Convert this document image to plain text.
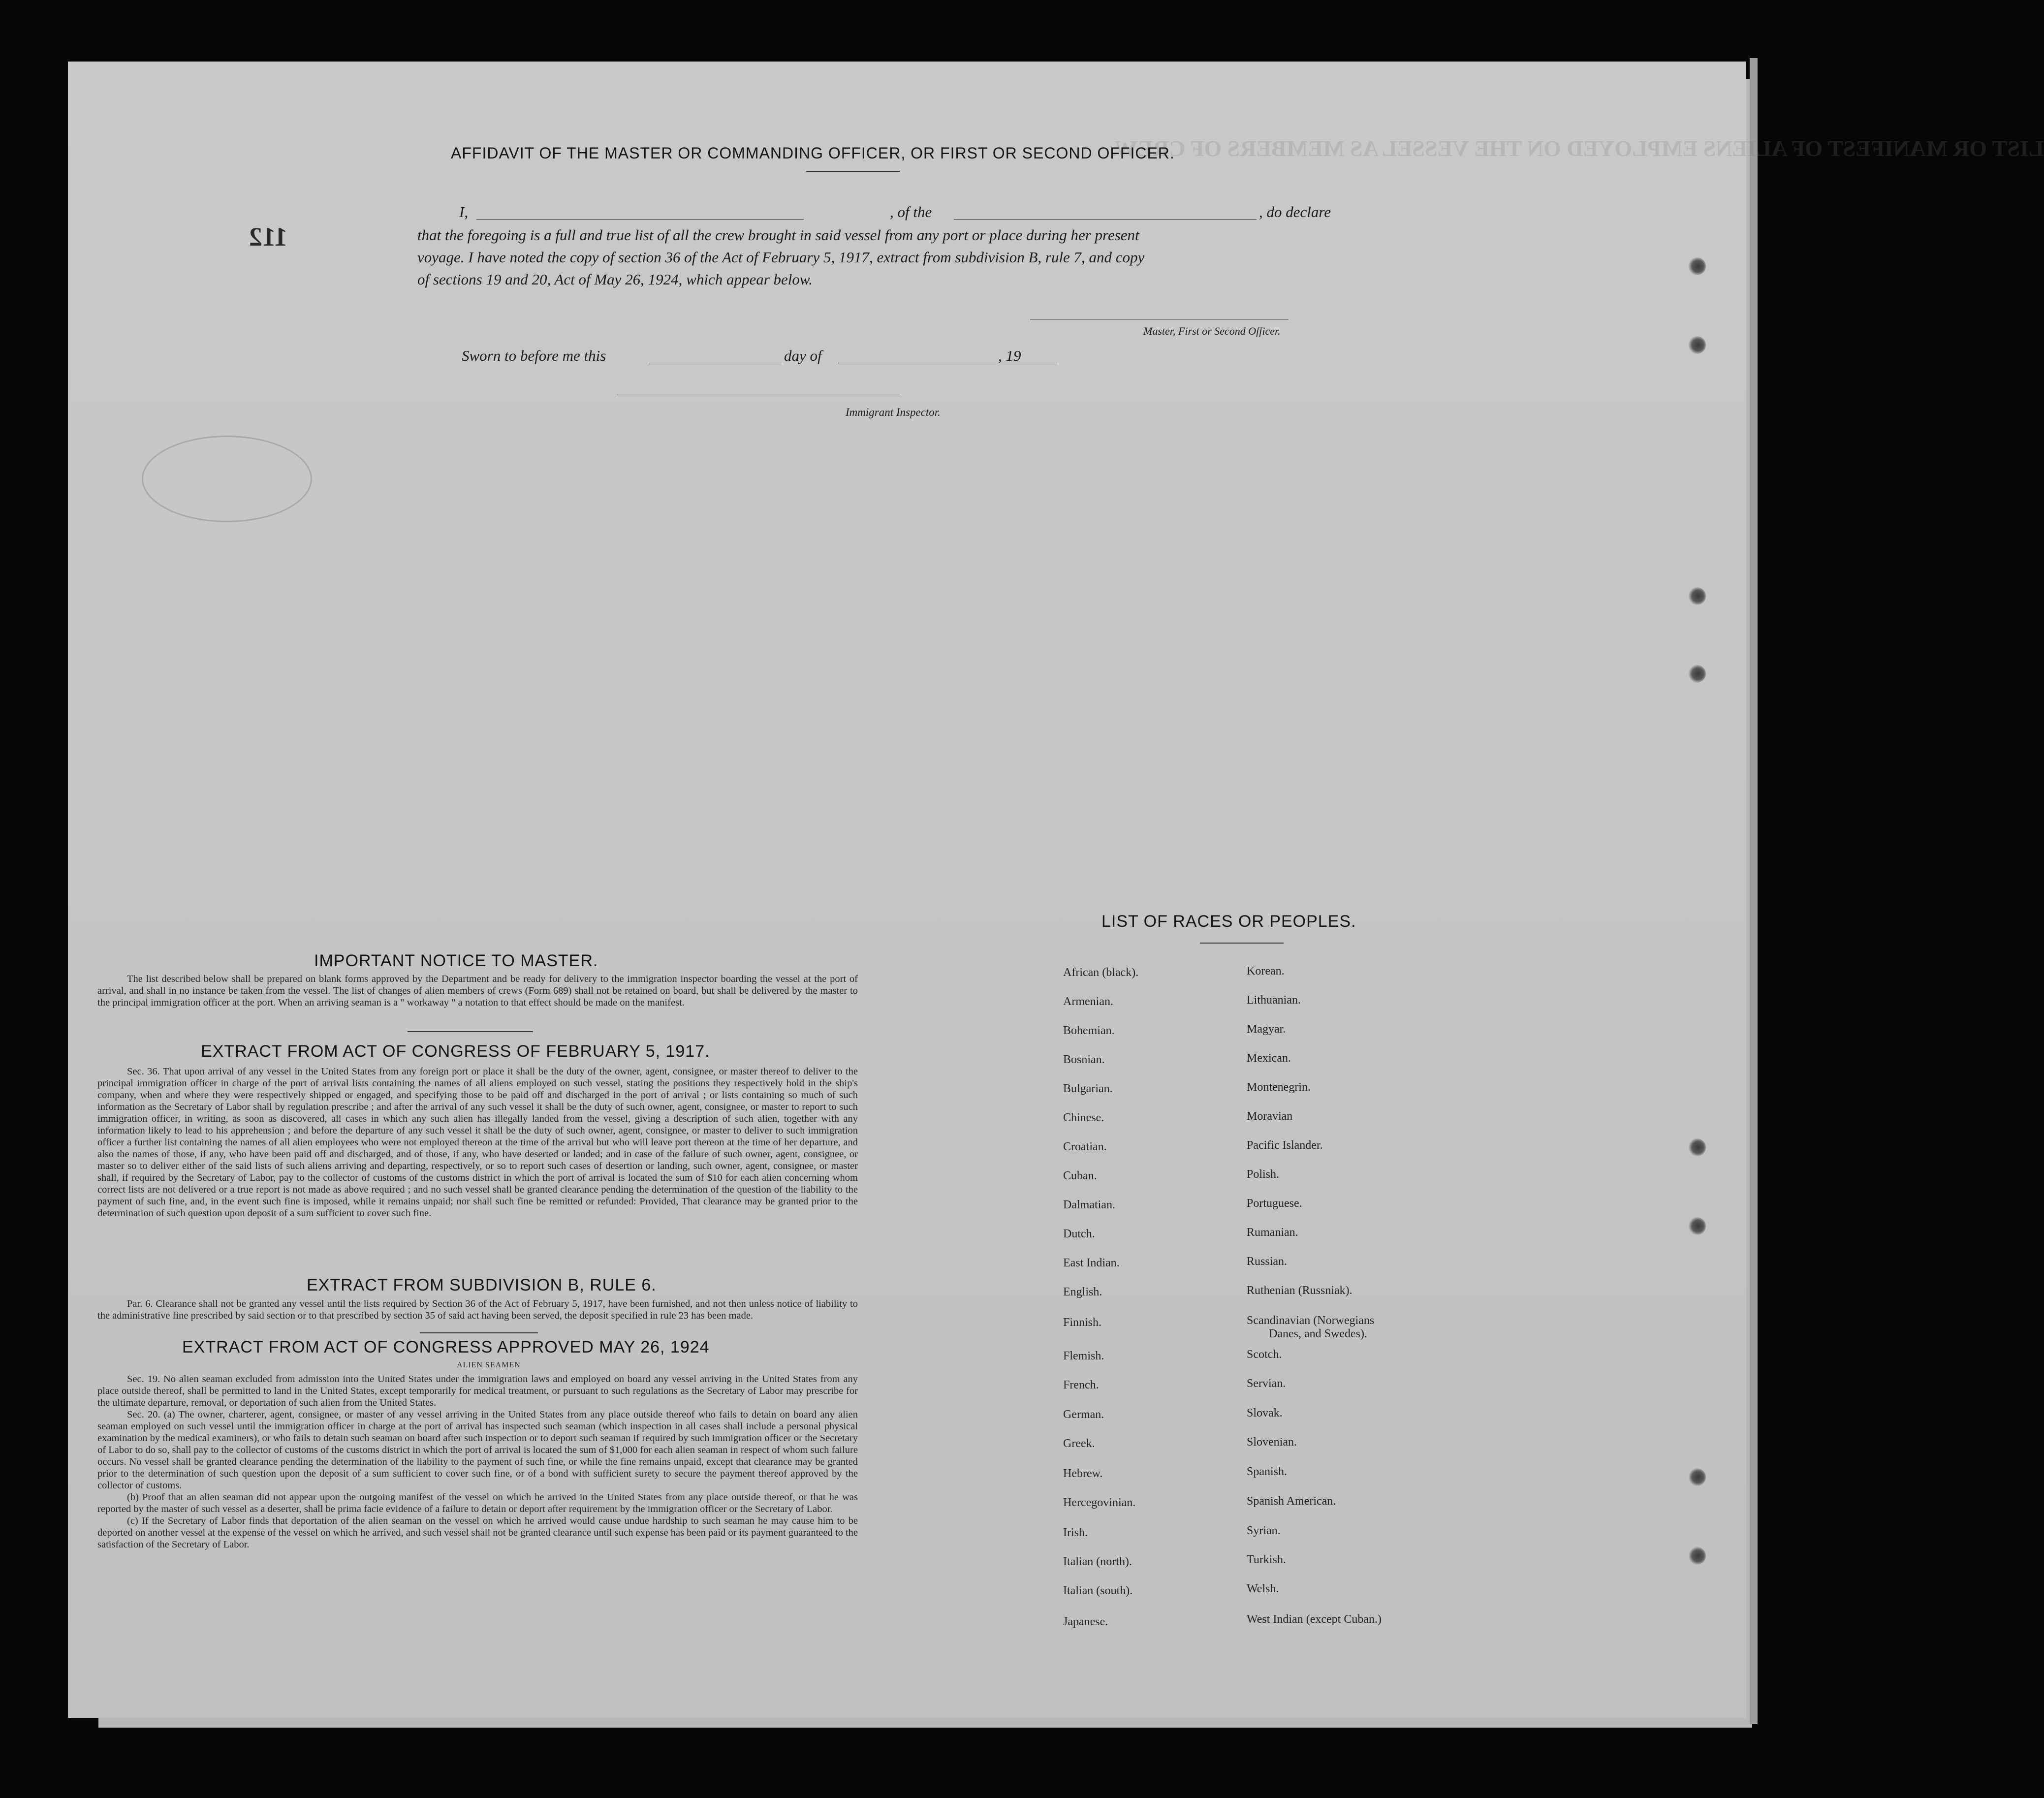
LIST OR MANIFEST OF ALIENS EMPLOYED ON THE VESSEL AS MEMBERS OF CREW.
112
AFFIDAVIT OF THE MASTER OR COMMANDING OFFICER, OR FIRST OR SECOND OFFICER.
I,	, of the	, do declare
that the foregoing is a full and true list of all the crew brought in said vessel from any port or place during her present
voyage. I have noted the copy of section 36 of the Act of February 5, 1917, extract from subdivision B, rule 7, and copy
of sections 19 and 20, Act of May 26, 1924, which appear below.
Master, First or Second Officer.
Sworn to before me this	day of	, 19
Immigrant Inspector.
IMPORTANT NOTICE TO MASTER.
The list described below shall be prepared on blank forms approved by the Department and be ready for delivery to the immigration inspector boarding the vessel at the port of arrival, and shall in no instance be taken from the vessel. The list of changes of alien members of crews (Form 689) shall not be retained on board, but shall be delivered by the master to the principal immigration officer at the port. When an arriving seaman is a " workaway " a notation to that effect should be made on the manifest.
EXTRACT FROM ACT OF CONGRESS OF FEBRUARY 5, 1917.
Sec. 36. That upon arrival of any vessel in the United States from any foreign port or place it shall be the duty of the owner, agent, consignee, or master thereof to deliver to the principal immigration officer in charge of the port of arrival lists containing the names of all aliens employed on such vessel, stating the positions they respectively hold in the ship's company, when and where they were respectively shipped or engaged, and specifying those to be paid off and discharged in the port of arrival ; or lists containing so much of such information as the Secretary of Labor shall by regulation prescribe ; and after the arrival of any such vessel it shall be the duty of such owner, agent, consignee, or master to report to such immigration officer, in writing, as soon as discovered, all cases in which any such alien has illegally landed from the vessel, giving a description of such alien, together with any information likely to lead to his apprehension ; and before the departure of any such vessel it shall be the duty of such owner, agent, consignee, or master to deliver to such immigration officer a further list containing the names of all alien employees who were not employed thereon at the time of the arrival but who will leave port thereon at the time of her departure, and also the names of those, if any, who have been paid off and discharged, and of those, if any, who have deserted or landed; and in case of the failure of such owner, agent, consignee, or master so to deliver either of the said lists of such aliens arriving and departing, respectively, or so to report such cases of desertion or landing, such owner, agent, consignee, or master shall, if required by the Secretary of Labor, pay to the collector of customs of the customs district in which the port of arrival is located the sum of $10 for each alien concerning whom correct lists are not delivered or a true report is not made as above required ; and no such vessel shall be granted clearance pending the determination of the question of the liability to the payment of such fine, and, in the event such fine is imposed, while it remains unpaid; nor shall such fine be remitted or refunded: Provided, That clearance may be granted prior to the determination of such question upon deposit of a sum sufficient to cover such fine.
EXTRACT FROM SUBDIVISION B, RULE 6.
Par. 6. Clearance shall not be granted any vessel until the lists required by Section 36 of the Act of February 5, 1917, have been furnished, and not then unless notice of liability to the administrative fine prescribed by said section or to that prescribed by section 35 of said act having been served, the deposit specified in rule 23 has been made.
EXTRACT FROM ACT OF CONGRESS APPROVED MAY 26, 1924
ALIEN SEAMEN
Sec. 19. No alien seaman excluded from admission into the United States under the immigration laws and employed on board any vessel arriving in the United States from any place outside thereof, shall be permitted to land in the United States, except temporarily for medical treatment, or pursuant to such regulations as the Secretary of Labor may prescribe for the ultimate departure, removal, or deportation of such alien from the United States.
Sec. 20. (a) The owner, charterer, agent, consignee, or master of any vessel arriving in the United States from any place outside thereof who fails to detain on board any alien seaman employed on such vessel until the immigration officer in charge at the port of arrival has inspected such seaman (which inspection in all cases shall include a personal physical examination by the medical examiners), or who fails to detain such seaman on board after such inspection or to deport such seaman if required by such immigration officer or the Secretary of Labor to do so, shall pay to the collector of customs of the customs district in which the port of arrival is located the sum of $1,000 for each alien seaman in respect of whom such failure occurs. No vessel shall be granted clearance pending the determination of the liability to the payment of such fine, or while the fine remains unpaid, except that clearance may be granted prior to the determination of such question upon the deposit of a sum sufficient to cover such fine, or of a bond with sufficient surety to secure the payment thereof approved by the collector of customs.
(b) Proof that an alien seaman did not appear upon the outgoing manifest of the vessel on which he arrived in the United States from any place outside thereof, or that he was reported by the master of such vessel as a deserter, shall be prima facie evidence of a failure to detain or deport after requirement by the immigration officer or the Secretary of Labor.
(c) If the Secretary of Labor finds that deportation of the alien seaman on the vessel on which he arrived would cause undue hardship to such seaman he may cause him to be deported on another vessel at the expense of the vessel on which he arrived, and such vessel shall not be granted clearance until such expense has been paid or its payment guaranteed to the satisfaction of the Secretary of Labor.
LIST OF RACES OR PEOPLES.
African (black).
Armenian.
Bohemian.
Bosnian.
Bulgarian.
Chinese.
Croatian.
Cuban.
Dalmatian.
Dutch.
East Indian.
English.
Finnish.
Flemish.
French.
German.
Greek.
Hebrew.
Hercegovinian.
Irish.
Italian (north).
Italian (south).
Japanese.
Korean.
Lithuanian.
Magyar.
Mexican.
Montenegrin.
Moravian
Pacific Islander.
Polish.
Portuguese.
Rumanian.
Russian.
Ruthenian (Russniak).
Scandinavian (Norwegians
Danes, and Swedes).
Scotch.
Servian.
Slovak.
Slovenian.
Spanish.
Spanish American.
Syrian.
Turkish.
Welsh.
West Indian (except Cuban.)
